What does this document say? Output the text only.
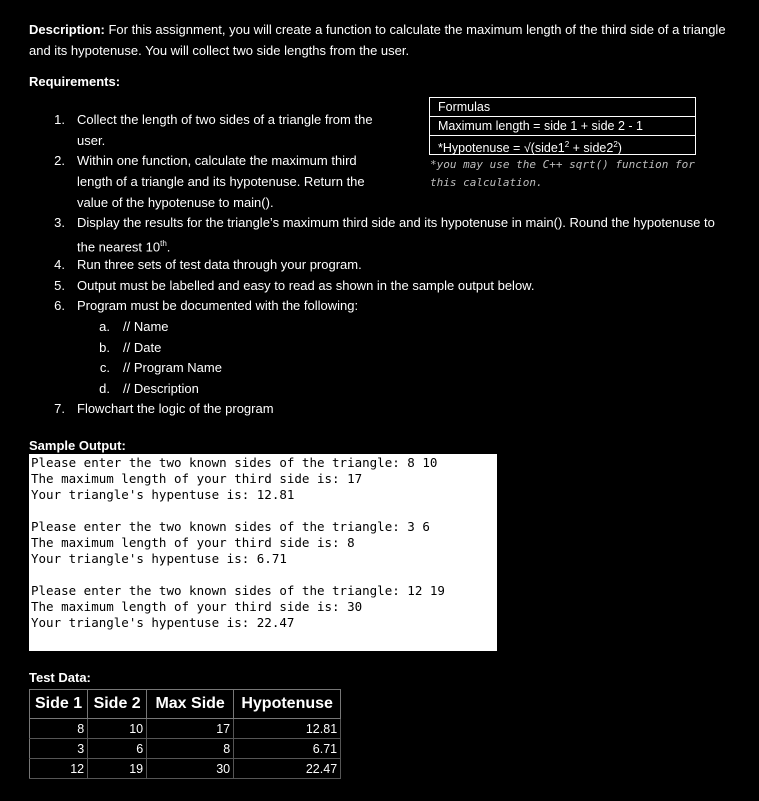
Description: For this assignment, you will create a function to calculate the maximum length of the third side of a triangle and its hypotenuse. You will collect two side lengths from the user.
Requirements:
1. Collect the length of two sides of a triangle from the
user.
2. Within one function, calculate the maximum third
length of a triangle and its hypotenuse. Return the
value of the hypotenuse to main().
3. Display the results for the triangle’s maximum third side and its hypotenuse in main(). Round the hypotenuse to
the nearest 10th.
4. Run three sets of test data through your program.
5. Output must be labelled and easy to read as shown in the sample output below.
6. Program must be documented with the following:
a. // Name
b. // Date
c. // Program Name
d. // Description
7. Flowchart the logic of the program
Formulas
Maximum length = side 1 + side 2 - 1
*Hypotenuse = $√(side1^2$ + $side2^2$)
*you may use the C++ sqrt() function for this calculation.
Sample Output:
Please enter the two known sides of the triangle: 8 10
The maximum length of your third side is: 17
Your triangle's hypentuse is: 12.81
Please enter the two known sides of the triangle: 3 6
The maximum length of your third side is: 8
Your triangle's hypentuse is: 6.71
Please enter the two known sides of the triangle: 12 19
The maximum length of your third side is: 30
Your triangle's hypentuse is: 22.47
Test Data:
Side 1	Side 2	Max Side	Hypotenuse
8	10	17	12.81
3	6	8	6.71
12	19	30	22.47
